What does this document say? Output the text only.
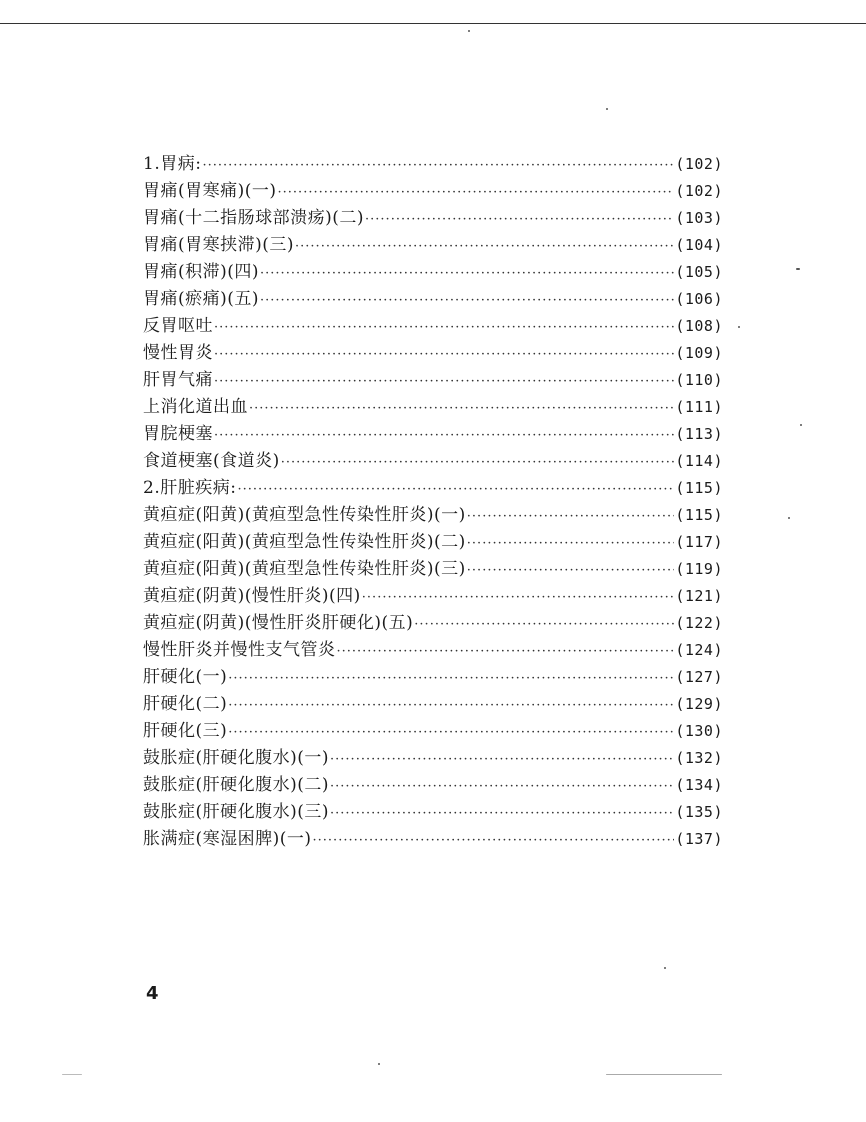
1.胃病: ·····	(102)
胃痛(胃寒痛)(一) ·····	(102)
胃痛(十二指肠球部溃疡)(二) ·····	(103)
胃痛(胃寒挟滞)(三) ·····	(104)
胃痛(积滞)(四) ·····	(105)
胃痛(瘀痛)(五) ·····	(106)
反胃呕吐 ·····	(108)
慢性胃炎 ·····	(109)
肝胃气痛 ·····	(110)
上消化道出血 ·····	(111)
胃脘梗塞 ·····	(113)
食道梗塞(食道炎) ·····	(114)
2.肝脏疾病: ·····	(115)
黄疸症(阳黄)(黄疸型急性传染性肝炎)(一) ·····	(115)
黄疸症(阳黄)(黄疸型急性传染性肝炎)(二) ·····	(117)
黄疸症(阳黄)(黄疸型急性传染性肝炎)(三) ·····	(119)
黄疸症(阴黄)(慢性肝炎)(四) ·····	(121)
黄疸症(阴黄)(慢性肝炎肝硬化)(五) ·····	(122)
慢性肝炎并慢性支气管炎 ·····	(124)
肝硬化(一) ·····	(127)
肝硬化(二) ·····	(129)
肝硬化(三) ·····	(130)
鼓胀症(肝硬化腹水)(一) ·····	(132)
鼓胀症(肝硬化腹水)(二) ·····	(134)
鼓胀症(肝硬化腹水)(三) ·····	(135)
胀满症(寒湿困脾)(一) ·····	(137)
4
